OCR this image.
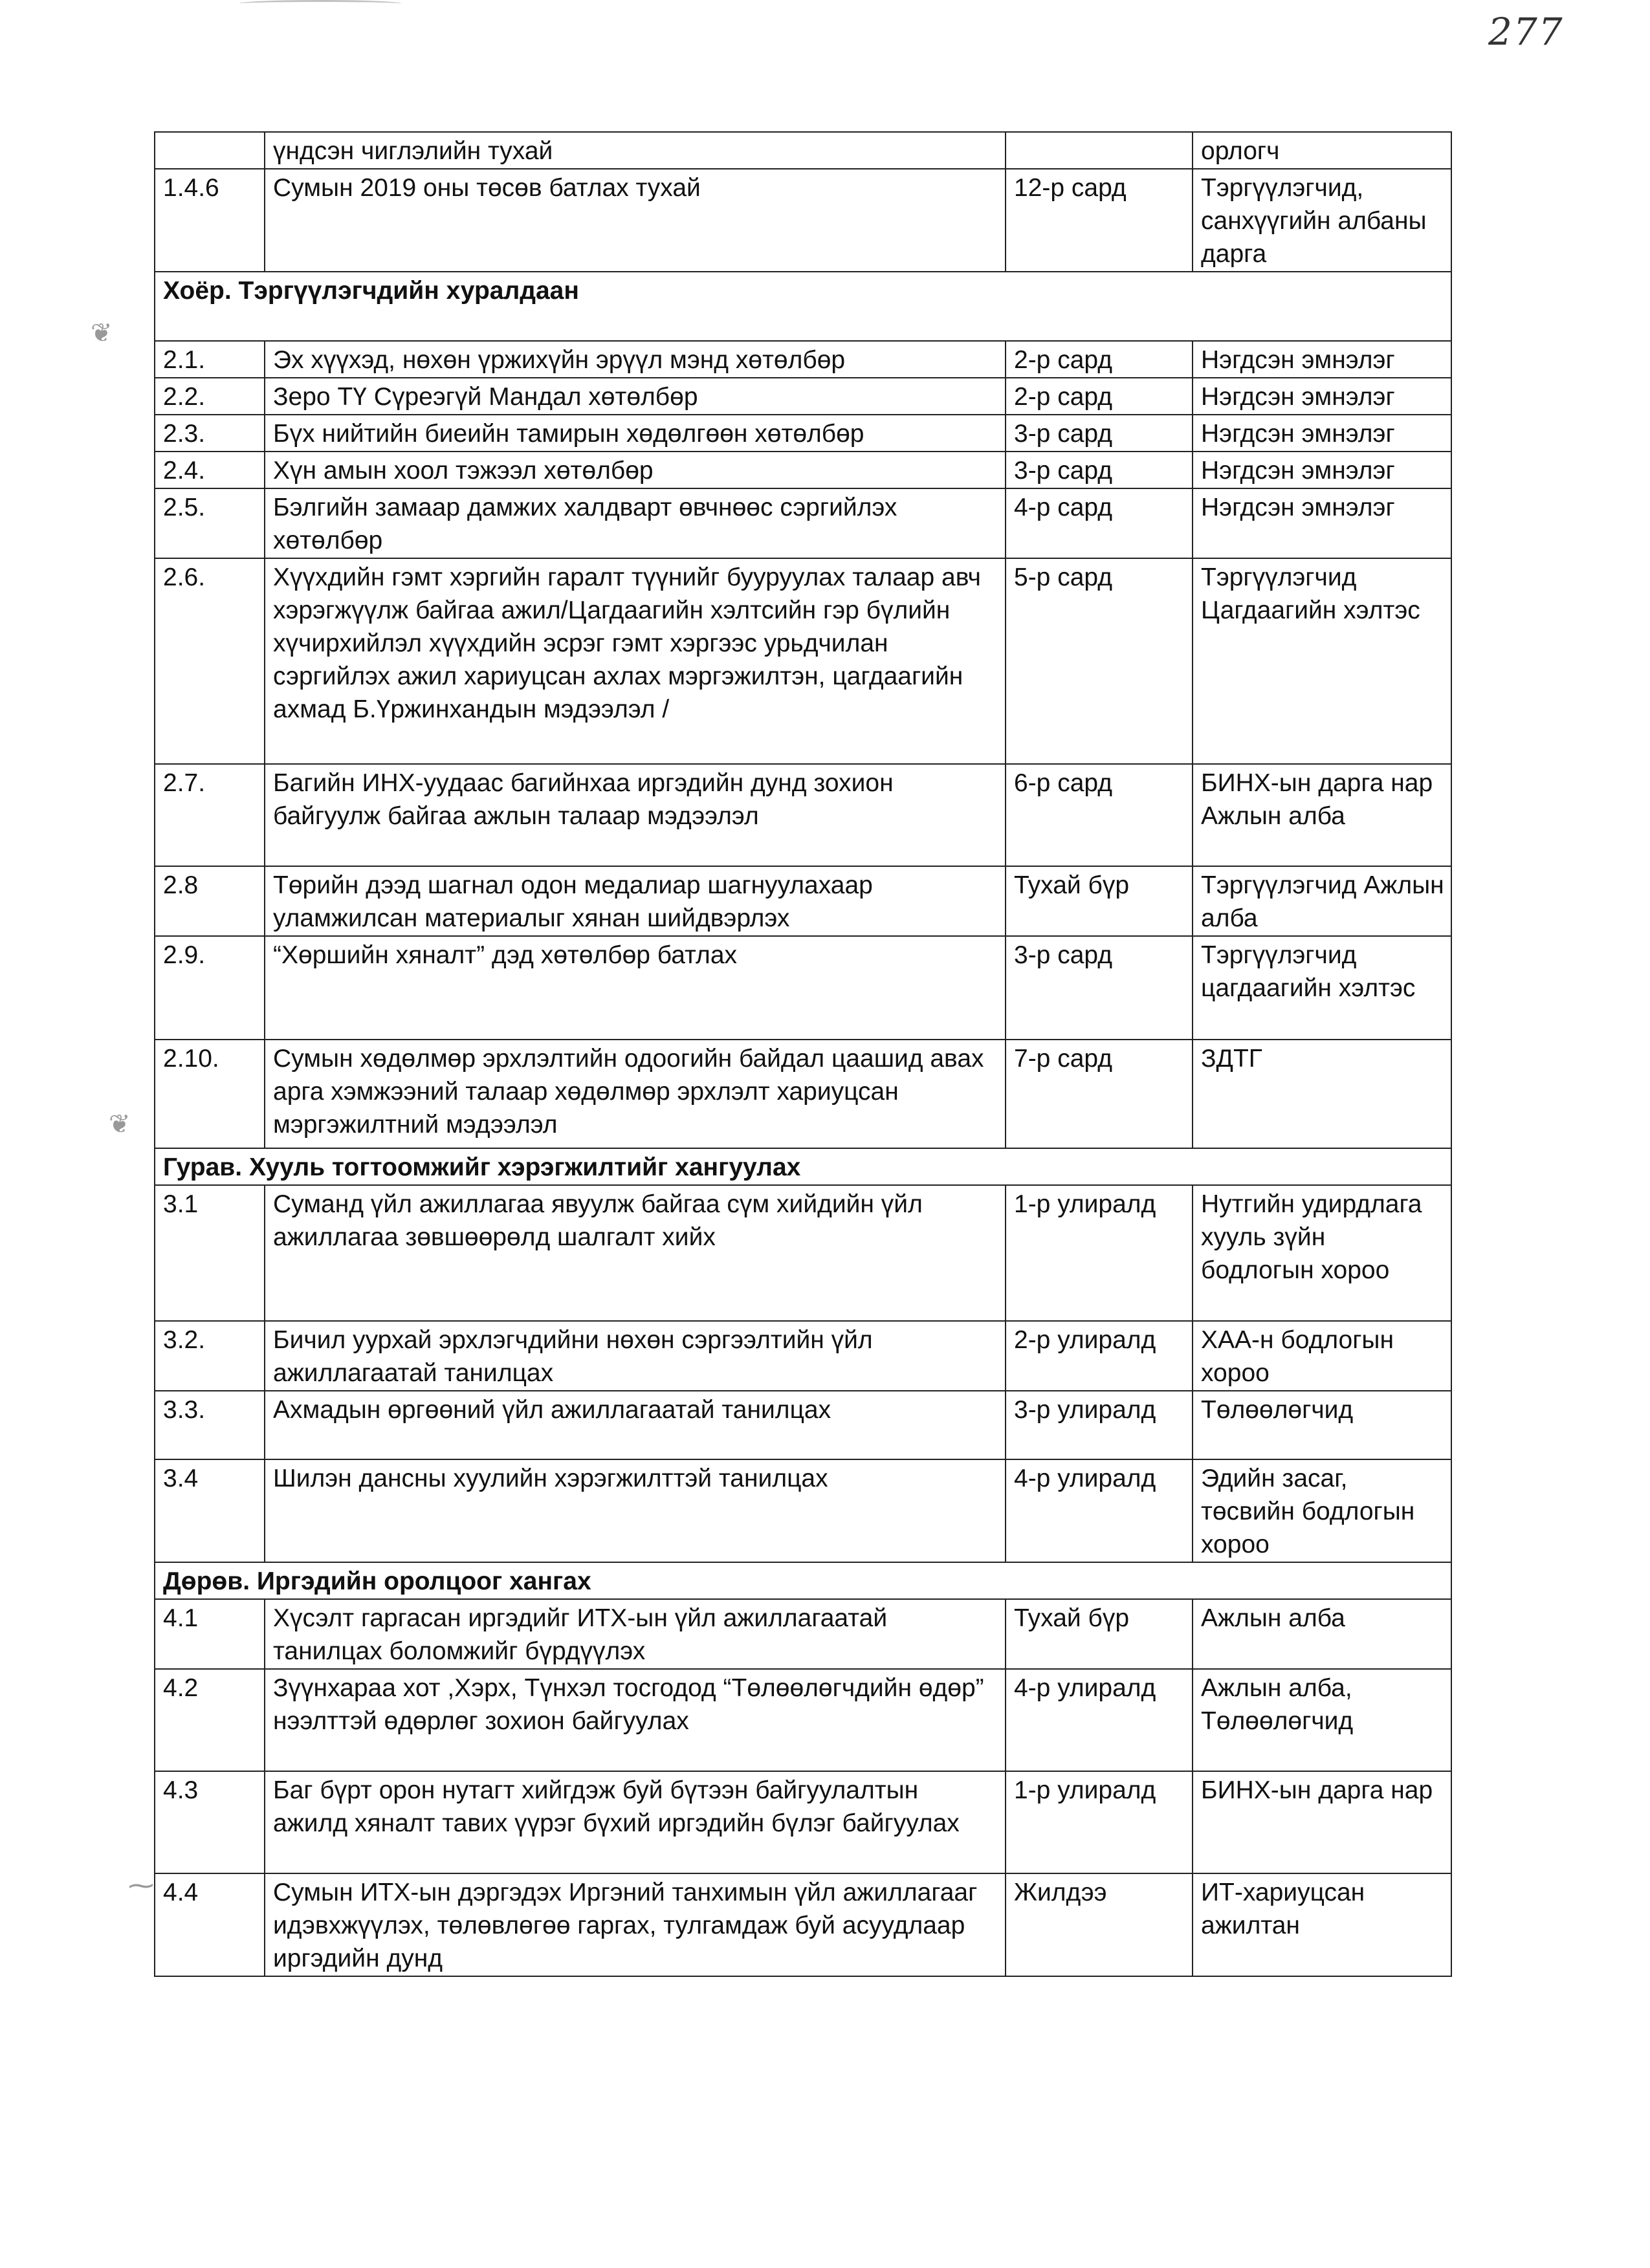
277
❦
❦
⁓
	үндсэн чиглэлийн тухай		орлогч
1.4.6	Сумын 2019 оны төсөв батлах тухай	12-р сард	Тэргүүлэгчид, санхүүгийн албаны дарга
Хоёр. Тэргүүлэгчдийн хуралдаан			
2.1.	Эх хүүхэд, нөхөн үржихүйн эрүүл мэнд хөтөлбөр	2-р сард	Нэгдсэн эмнэлэг
2.2.	Зеро ТҮ Сүреэгүй Мандал хөтөлбөр	2-р сард	Нэгдсэн эмнэлэг
2.3.	Бүх нийтийн биеийн тамирын хөдөлгөөн хөтөлбөр	3-р сард	Нэгдсэн эмнэлэг
2.4.	Хүн амын хоол тэжээл хөтөлбөр	3-р сард	Нэгдсэн эмнэлэг
2.5.	Бэлгийн замаар дамжих халдварт өвчнөөс сэргийлэх хөтөлбөр	4-р сард	Нэгдсэн эмнэлэг
2.6.	Хүүхдийн гэмт хэргийн гаралт түүнийг бууруулах талаар авч хэрэгжүүлж байгаа ажил/Цагдаагийн хэлтсийн гэр бүлийн хүчирхийлэл хүүхдийн эсрэг гэмт хэргээс урьдчилан сэргийлэх ажил хариуцсан ахлах мэргэжилтэн, цагдаагийн ахмад Б.Үржинхандын мэдээлэл /	5-р сард	Тэргүүлэгчид Цагдаагийн хэлтэс
2.7.	Багийн ИНХ-уудаас багийнхаа иргэдийн дунд зохион байгуулж байгаа ажлын талаар мэдээлэл	6-р сард	БИНХ-ын дарга нар Ажлын алба
2.8	Төрийн дээд шагнал одон медалиар шагнуулахаар уламжилсан материалыг хянан шийдвэрлэх	Тухай бүр	Тэргүүлэгчид Ажлын алба
2.9.	“Хөршийн хяналт” дэд хөтөлбөр батлах	3-р сард	Тэргүүлэгчид цагдаагийн хэлтэс
2.10.	Сумын хөдөлмөр эрхлэлтийн одоогийн байдал цаашид авах арга хэмжээний талаар хөдөлмөр эрхлэлт хариуцсан мэргэжилтний мэдээлэл	7-р сард	ЗДТГ
Гурав. Хууль тогтоомжийг хэрэгжилтийг хангуулах			
3.1	Суманд үйл ажиллагаа явуулж байгаа сүм хийдийн үйл ажиллагаа зөвшөөрөлд шалгалт хийх	1-р улиралд	Нутгийн удирдлага хууль зүйн бодлогын хороо
3.2.	Бичил уурхай эрхлэгчдийни нөхөн сэргээлтийн үйл ажиллагаатай танилцах	2-р улиралд	ХАА-н бодлогын хороо
3.3.	Ахмадын өргөөний үйл ажиллагаатай танилцах	3-р улиралд	Төлөөлөгчид
3.4	Шилэн дансны хуулийн хэрэгжилттэй танилцах	4-р улиралд	Эдийн засаг, төсвийн бодлогын хороо
Дөрөв. Иргэдийн оролцоог хангах			
4.1	Хүсэлт гаргасан иргэдийг ИТХ-ын үйл ажиллагаатай танилцах боломжийг бүрдүүлэх	Тухай бүр	Ажлын алба
4.2	Зүүнхараа хот ,Хэрх, Түнхэл тосгодод “Төлөөлөгчдийн өдөр” нээлттэй өдөрлөг зохион байгуулах	4-р улиралд	Ажлын алба, Төлөөлөгчид
4.3	Баг бүрт орон нутагт хийгдэж буй бүтээн байгуулалтын ажилд хяналт тавих үүрэг бүхий иргэдийн бүлэг байгуулах	1-р улиралд	БИНХ-ын дарга нар
4.4	Сумын ИТХ-ын дэргэдэх Иргэний танхимын үйл ажиллагааг идэвхжүүлэх, төлөвлөгөө гаргах, тулгамдаж буй асуудлаар иргэдийн дунд	Жилдээ	ИТ-хариуцсан ажилтан
